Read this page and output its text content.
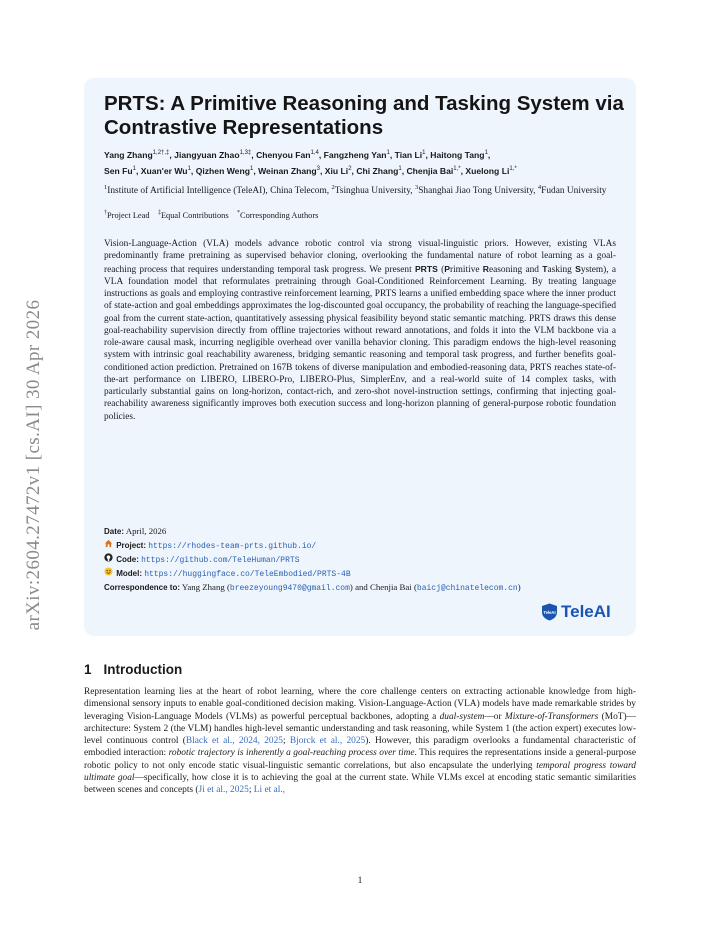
arXiv:2604.27472v1 [cs.AI] 30 Apr 2026
PRTS: A Primitive Reasoning and Tasking System via Contrastive Representations
Yang Zhang$^{1,2\dagger,\ddagger}$, Jiangyuan Zhao$^{1,3\ddagger}$, Chenyou Fan$^{1,4}$, Fangzheng Yan$^1$, Tian Li$^1$, Haitong Tang$^1$,
Sen Fu$^1$, Xuan'er Wu$^1$, Qizhen Weng$^1$, Weinan Zhang$^3$, Xiu Li$^2$, Chi Zhang$^1$, Chenjia Bai$^{1,*}$, Xuelong $Li^{1,*}$
$^1$Institute of Artificial Intelligence (TeleAI), China Telecom, $^2$Tsinghua University, $^3$Shanghai Jiao Tong University, $^4$Fudan University
†Project Lead ‡Equal Contributions *Corresponding Authors
Vision-Language-Action (VLA) models advance robotic control via strong visual-linguistic priors. However, existing VLAs predominantly frame pretraining as supervised behavior cloning, overlooking the fundamental nature of robot learning as a goal-reaching process that requires understanding temporal task progress. We present PRTS (Primitive Reasoning and Tasking System), a VLA foundation model that reformulates pretraining through Goal-Conditioned Reinforcement Learning. By treating language instructions as goals and employing contrastive reinforcement learning, PRTS learns a unified embedding space where the inner product of state-action and goal embeddings approximates the log-discounted goal occupancy, the probability of reaching the language-specified goal from the current state-action, quantitatively assessing physical feasibility beyond static semantic matching. PRTS draws this dense goal-reachability supervision directly from offline trajectories without reward annotations, and folds it into the VLM backbone via a role-aware causal mask, incurring negligible overhead over vanilla behavior cloning. This paradigm endows the high-level reasoning system with intrinsic goal reachability awareness, bridging semantic reasoning and temporal task progress, and further benefits goal-conditioned action prediction. Pretrained on 167B tokens of diverse manipulation and embodied-reasoning data, PRTS reaches state-of-the-art performance on LIBERO, LIBERO-Pro, LIBERO-Plus, SimplerEnv, and a real-world suite of 14 complex tasks, with particularly substantial gains on long-horizon, contact-rich, and zero-shot novel-instruction settings, confirming that injecting goal-reachability awareness significantly improves both execution success and long-horizon planning of general-purpose robotic foundation policies.
Date: April, 2026
Project: https://rhodes-team-prts.github.io/
Code: https://github.com/TeleHuman/PRTS
Model: https://huggingface.co/TeleEmbodied/PRTS-4B
Correspondence to: Yang Zhang (breezeyoung9470@gmail.com) and Chenjia Bai (baicj@chinatelecom.cn)
TeleAI TeleAI
1 Introduction
Representation learning lies at the heart of robot learning, where the core challenge centers on extracting actionable knowledge from high-dimensional sensory inputs to enable goal-conditioned decision making. Vision-Language-Action (VLA) models have made remarkable strides by leveraging Vision-Language Models (VLMs) as powerful perceptual backbones, adopting a dual-system—or Mixture-of-Transformers (MoT)—architecture: System 2 (the VLM) handles high-level semantic understanding and task reasoning, while System 1 (the action expert) executes low-level continuous control (Black et al., 2024, 2025; Bjorck et al., 2025). However, this paradigm overlooks a fundamental characteristic of embodied interaction: robotic trajectory is inherently a goal-reaching process over time. This requires the representations inside a general-purpose robotic policy to not only encode static visual-linguistic semantic correlations, but also encapsulate the underlying temporal progress toward ultimate goal—specifically, how close it is to achieving the goal at the current state. While VLMs excel at encoding static semantic similarities between scenes and concepts (Ji et al., 2025; Li et al.,
1
